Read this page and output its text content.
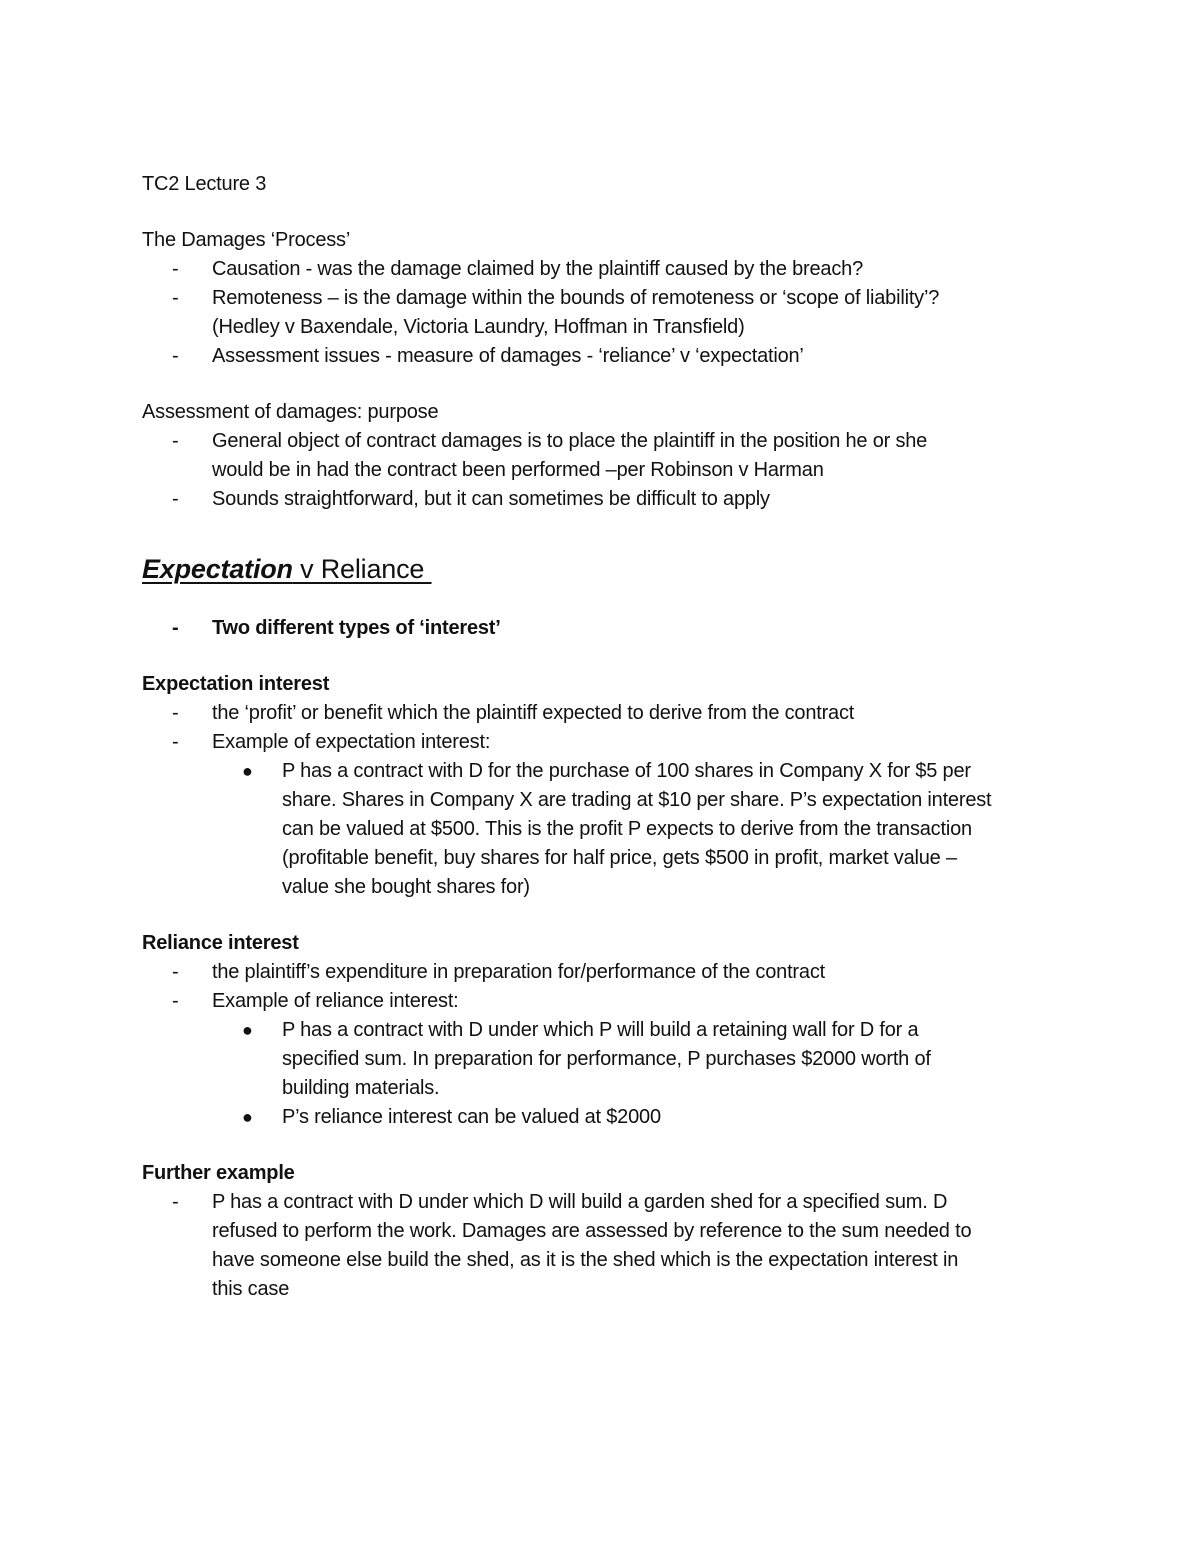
TC2 Lecture 3
The Damages ‘Process’
- Causation - was the damage claimed by the plaintiff caused by the breach?
- Remoteness – is the damage within the bounds of remoteness or ‘scope of liability’?
(Hedley v Baxendale, Victoria Laundry, Hoffman in Transfield)
- Assessment issues - measure of damages - ‘reliance’ v ‘expectation’
Assessment of damages: purpose
- General object of contract damages is to place the plaintiff in the position he or she
would be in had the contract been performed –per Robinson v Harman
- Sounds straightforward, but it can sometimes be difficult to apply
Expectation v Reliance
- Two different types of ‘interest’
Expectation interest
- the ‘profit’ or benefit which the plaintiff expected to derive from the contract
- Example of expectation interest:
● P has a contract with D for the purchase of 100 shares in Company X for $5 per
share. Shares in Company X are trading at $10 per share. P’s expectation interest
can be valued at $500. This is the profit P expects to derive from the transaction
(profitable benefit, buy shares for half price, gets $500 in profit, market value –
value she bought shares for)
Reliance interest
- the plaintiff’s expenditure in preparation for/performance of the contract
- Example of reliance interest:
● P has a contract with D under which P will build a retaining wall for D for a
specified sum. In preparation for performance, P purchases $2000 worth of
building materials.
● P’s reliance interest can be valued at $2000
Further example
- P has a contract with D under which D will build a garden shed for a specified sum. D
refused to perform the work. Damages are assessed by reference to the sum needed to
have someone else build the shed, as it is the shed which is the expectation interest in
this case
